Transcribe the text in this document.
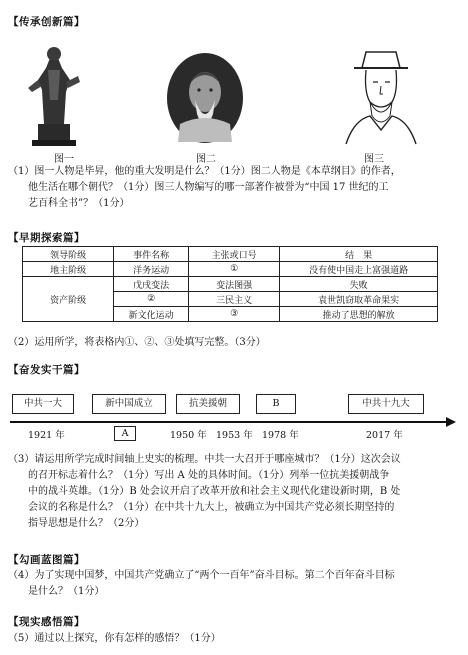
【传承创新篇】
图一	图二	图三
（1）图一人物是毕昇，他的重大发明是什么？（1分）图二人物是《本草纲目》的作者，
他生活在哪个朝代？（1分）图三人物编写的哪一部著作被誉为“中国 17 世纪的工
艺百科全书”？（1分）
【早期探索篇】
领导阶级	事件名称	主张或口号	结　果
地主阶级	洋务运动	①	没有使中国走上富强道路
资产阶级	戊戌变法	变法图强	失败
	②	三民主义	袁世凯窃取革命果实
	新文化运动	③	推动了思想的解放
（2）运用所学，将表格内①、②、③处填写完整。（3分）
【奋发实干篇】
中共一大	新中国成立	抗美援朝	B	中共十九大
1921 年	A	1950 年 1953 年 1978 年	2017 年
（3）请运用所学完成时间轴上史实的梳理。中共一大召开于哪座城市？（1分）这次会议
的召开标志着什么？（1分）写出 A 处的具体时间。（1分）列举一位抗美援朝战争
中的战斗英雄。（1分）B 处会议开启了改革开放和社会主义现代化建设新时期，B 处
会议的名称是什么？（1分）在中共十九大上，被确立为中国共产党必须长期坚持的
指导思想是什么？（2分）
【勾画蓝图篇】
（4）为了实现中国梦，中国共产党确立了“两个一百年”奋斗目标。第二个百年奋斗目标
是什么？（1分）
【现实感悟篇】
（5）通过以上探究，你有怎样的感悟？（1分）
